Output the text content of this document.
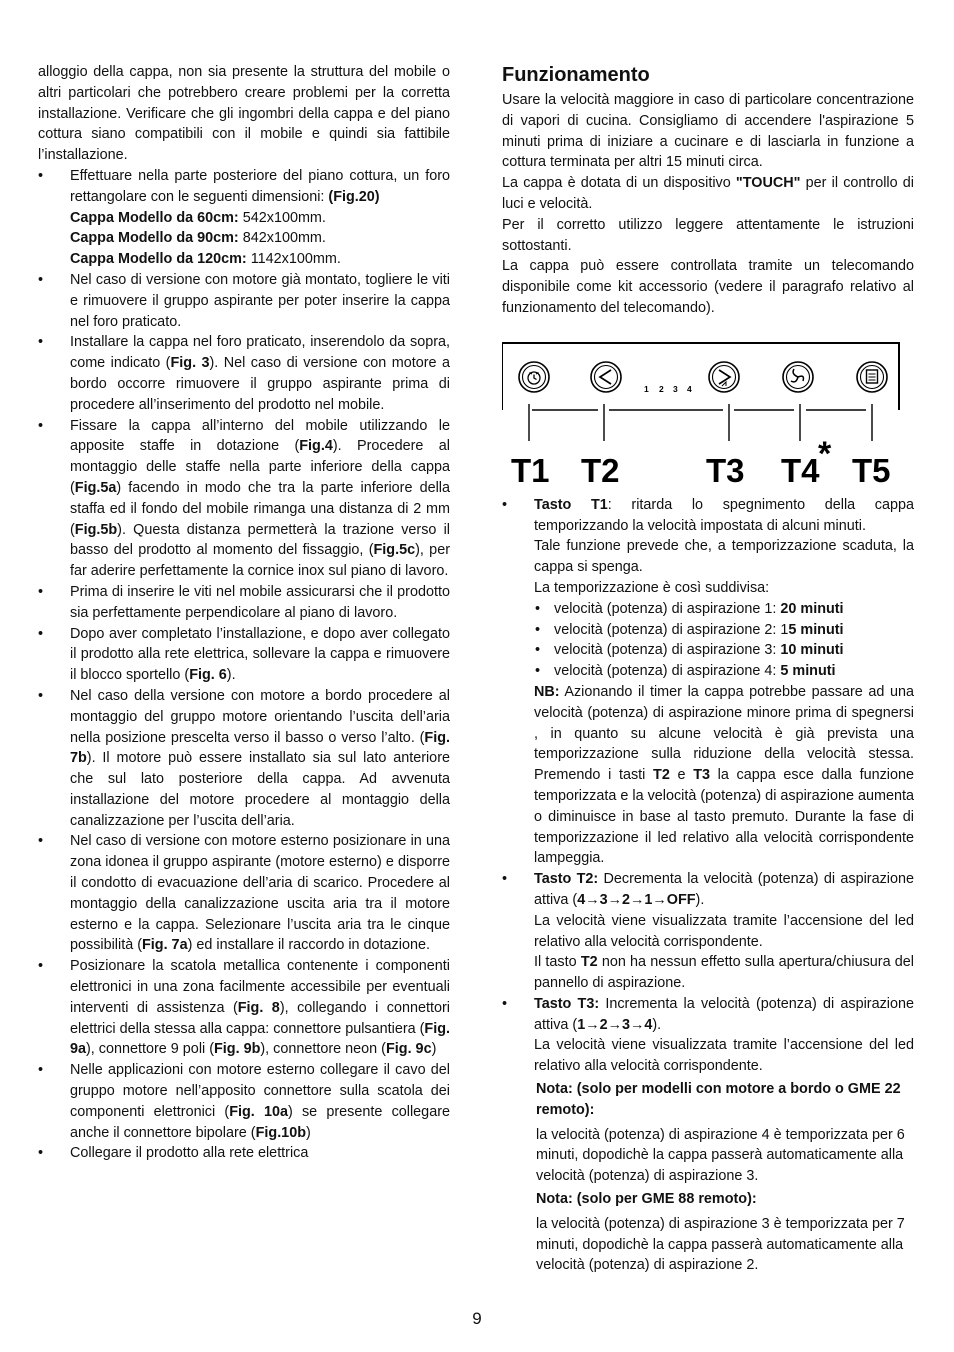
alloggio della cappa, non sia presente la struttura del mobile o altri particolari che potrebbero creare problemi per la corretta installazione. Verificare che gli ingombri della cappa e del piano cottura siano compatibili con il mobile e quindi sia fattibile l’installazione.

• Effettuare nella parte posteriore del piano cottura, un foro rettangolare con le seguenti dimensioni: (Fig.20)
Cappa Modello da 60cm: 542x100mm.
Cappa Modello da 90cm: 842x100mm.
Cappa Modello da 120cm: 1142x100mm.
• Nel caso di versione con motore già montato, togliere le viti e rimuovere il gruppo aspirante per poter inserire la cappa nel foro praticato.
• Installare la cappa nel foro praticato, inserendolo da sopra, come indicato (Fig. 3). Nel caso di versione con motore a bordo occorre rimuovere il gruppo aspirante prima di procedere all’inserimento del prodotto nel mobile.
• Fissare la cappa all’interno del mobile utilizzando le apposite staffe in dotazione (Fig.4). Procedere al montaggio delle staffe nella parte inferiore della cappa (Fig.5a) facendo in modo che tra la parte inferiore della staffa ed il fondo del mobile rimanga una distanza di 2 mm (Fig.5b). Questa distanza permetterà la trazione verso il basso del prodotto al momento del fissaggio, (Fig.5c), per far aderire perfettamente la cornice inox sul piano di lavoro.
• Prima di inserire le viti nel mobile assicurarsi che il prodotto sia perfettamente perpendicolare al piano di lavoro.
• Dopo aver completato l’installazione, e dopo aver collegato il prodotto alla rete elettrica, sollevare la cappa e rimuovere il blocco sportello (Fig. 6).
• Nel caso della versione con motore a bordo procedere al montaggio del gruppo motore orientando l’uscita dell’aria nella posizione prescelta verso il basso o verso l’alto. (Fig. 7b). Il motore può essere installato sia sul lato anteriore che sul lato posteriore della cappa. Ad avvenuta installazione del motore procedere al montaggio della canalizzazione per l’uscita dell’aria.
• Nel caso di versione con motore esterno posizionare in una zona idonea il gruppo aspirante (motore esterno) e disporre il condotto di evacuazione dell’aria di scarico. Procedere al montaggio della canalizzazione uscita aria tra il motore esterno e la cappa. Selezionare l’uscita aria tra le cinque possibilità (Fig. 7a) ed installare il raccordo in dotazione.
• Posizionare la scatola metallica contenente i componenti elettronici in una zona facilmente accessibile per eventuali interventi di assistenza (Fig. 8), collegando i connettori elettrici della stessa alla cappa: connettore pulsantiera (Fig. 9a), connettore 9 poli (Fig. 9b), connettore neon (Fig. 9c)
• Nelle applicazioni con motore esterno collegare il cavo del gruppo motore nell’apposito connettore sulla scatola dei componenti elettronici (Fig. 10a) se presente collegare anche il connettore bipolare (Fig.10b)
• Collegare il prodotto alla rete elettrica
Funzionamento

Usare la velocità maggiore in caso di particolare concentrazione di vapori di cucina. Consigliamo di accendere l'aspirazione 5 minuti prima di iniziare a cucinare e di lasciarla in funzione a cottura terminata per altri 15 minuti circa.

La cappa è dotata di un dispositivo "TOUCH" per il controllo di luci e velocità.

Per il corretto utilizzo leggere attentamente le istruzioni sottostanti.

La cappa può essere controllata tramite un telecomando disponibile come kit accessorio (vedere il paragrafo relativo al funzionamento del telecomando).

1 2 3 4
T1 T2	T3 T4 T5
*
• Tasto T1: ritarda lo spegnimento della cappa temporizzando la velocità impostata di alcuni minuti.

Tale funzione prevede che, a temporizzazione scaduta, la cappa si spenga.

La temporizzazione è così suddivisa:

• velocità (potenza) di aspirazione 1: 20 minuti
• velocità (potenza) di aspirazione 2: 15 minuti
• velocità (potenza) di aspirazione 3: 10 minuti
• velocità (potenza) di aspirazione 4: 5 minuti

NB: Azionando il timer la cappa potrebbe passare ad una velocità (potenza) di aspirazione minore prima di spegnersi , in quanto su alcune velocità è già prevista una temporizzazione sulla riduzione della velocità stessa. Premendo i tasti T2 e T3 la cappa esce dalla funzione temporizzata e la velocità (potenza) di aspirazione aumenta o diminuisce in base al tasto premuto. Durante la fase di temporizzazione il led relativo alla velocità corrispondente lampeggia.

• Tasto T2: Decrementa la velocità (potenza) di aspirazione attiva (4→3→2→1→OFF).

La velocità viene visualizzata tramite l’accensione del led relativo alla velocità corrispondente.

Il tasto T2 non ha nessun effetto sulla apertura/chiusura del pannello di aspirazione.

• Tasto T3: Incrementa la velocità (potenza) di aspirazione attiva (1→2→3→4).

La velocità viene visualizzata tramite l’accensione del led relativo alla velocità corrispondente.

Nota: (solo per modelli con motore a bordo o GME 22 remoto):
la velocità (potenza) di aspirazione 4 è temporizzata per 6 minuti, dopodichè la cappa passerà automaticamente alla velocità (potenza) di aspirazione 3.
Nota: (solo per GME 88 remoto):
la velocità (potenza) di aspirazione 3 è temporizzata per 7 minuti, dopodichè la cappa passerà automaticamente alla velocità (potenza) di aspirazione 2.
9
